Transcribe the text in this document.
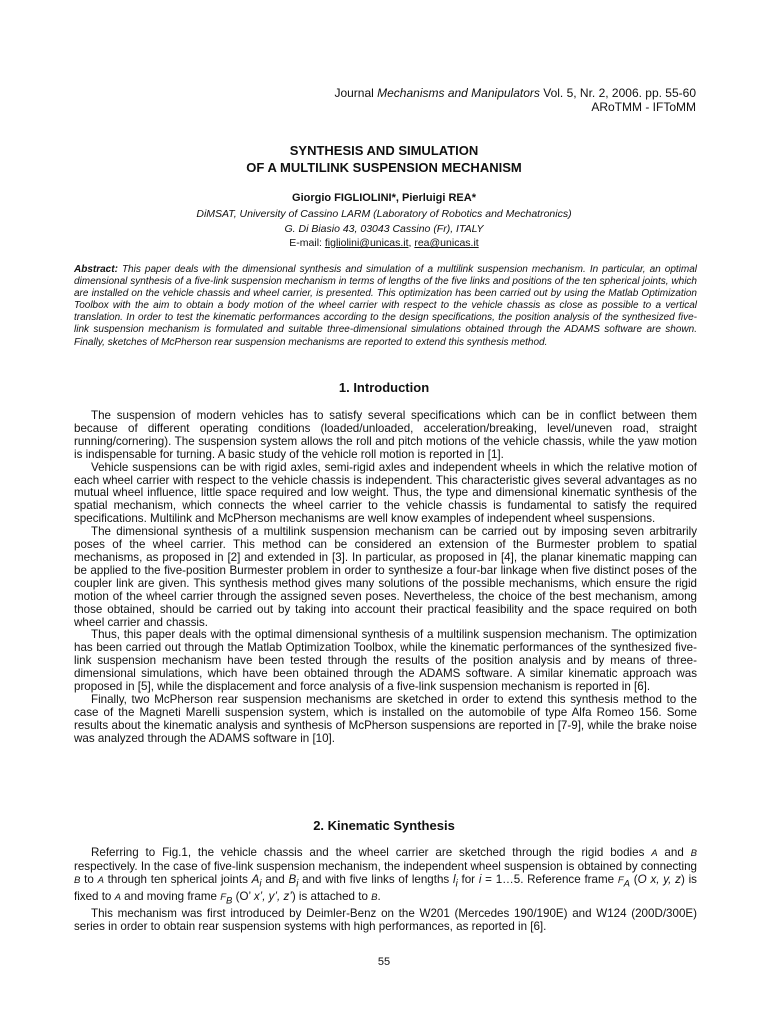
Journal Mechanisms and Manipulators Vol. 5, Nr. 2, 2006. pp. 55-60
ARoTMM - IFToMM
SYNTHESIS AND SIMULATION
OF A MULTILINK SUSPENSION MECHANISM
Giorgio FIGLIOLINI*, Pierluigi REA*
DiMSAT, University of Cassino LARM (Laboratory of Robotics and Mechatronics)
G. Di Biasio 43, 03043 Cassino (Fr), ITALY
E-mail: figliolini@unicas.it, rea@unicas.it
Abstract: This paper deals with the dimensional synthesis and simulation of a multilink suspension mechanism. In particular, an optimal dimensional synthesis of a five-link suspension mechanism in terms of lengths of the five links and positions of the ten spherical joints, which are installed on the vehicle chassis and wheel carrier, is presented. This optimization has been carried out by using the Matlab Optimization Toolbox with the aim to obtain a body motion of the wheel carrier with respect to the vehicle chassis as close as possible to a vertical translation. In order to test the kinematic performances according to the design specifications, the position analysis of the synthesized five-link suspension mechanism is formulated and suitable three-dimensional simulations obtained through the ADAMS software are shown. Finally, sketches of McPherson rear suspension mechanisms are reported to extend this synthesis method.
1. Introduction

The suspension of modern vehicles has to satisfy several specifications which can be in conflict between them because of different operating conditions (loaded/unloaded, acceleration/breaking, level/uneven road, straight running/cornering). The suspension system allows the roll and pitch motions of the vehicle chassis, while the yaw motion is indispensable for turning. A basic study of the vehicle roll motion is reported in [1].

Vehicle suspensions can be with rigid axles, semi-rigid axles and independent wheels in which the relative motion of each wheel carrier with respect to the vehicle chassis is independent. This characteristic gives several advantages as no mutual wheel influence, little space required and low weight. Thus, the type and dimensional kinematic synthesis of the spatial mechanism, which connects the wheel carrier to the vehicle chassis is fundamental to satisfy the required specifications. Multilink and McPherson mechanisms are well know examples of independent wheel suspensions.

The dimensional synthesis of a multilink suspension mechanism can be carried out by imposing seven arbitrarily poses of the wheel carrier. This method can be considered an extension of the Burmester problem to spatial mechanisms, as proposed in [2] and extended in [3]. In particular, as proposed in [4], the planar kinematic mapping can be applied to the five-position Burmester problem in order to synthesize a four-bar linkage when five distinct poses of the coupler link are given. This synthesis method gives many solutions of the possible mechanisms, which ensure the rigid motion of the wheel carrier through the assigned seven poses. Nevertheless, the choice of the best mechanism, among those obtained, should be carried out by taking into account their practical feasibility and the space required on both wheel carrier and chassis.

Thus, this paper deals with the optimal dimensional synthesis of a multilink suspension mechanism. The optimization has been carried out through the Matlab Optimization Toolbox, while the kinematic performances of the synthesized five-link suspension mechanism have been tested through the results of the position analysis and by means of three-dimensional simulations, which have been obtained through the ADAMS software. A similar kinematic approach was proposed in [5], while the displacement and force analysis of a five-link suspension mechanism is reported in [6].

Finally, two McPherson rear suspension mechanisms are sketched in order to extend this synthesis method to the case of the Magneti Marelli suspension system, which is installed on the automobile of type Alfa Romeo 156. Some results about the kinematic analysis and synthesis of McPherson suspensions are reported in [7-9], while the brake noise was analyzed through the ADAMS software in [10].

2. Kinematic Synthesis

Referring to Fig.1, the vehicle chassis and the wheel carrier are sketched through the rigid bodies A and B respectively. In the case of five-link suspension mechanism, the independent wheel suspension is obtained by connecting B to A through ten spherical joints $A_i$ and $B_i$ and with five links of lengths $l_i$ for i = 1…5. Reference frame $F_A$ (O x, y, z) is fixed to A and moving frame $F_B$ (O’ x’, y’, z’) is attached to B.

This mechanism was first introduced by Deimler-Benz on the W201 (Mercedes 190/190E) and W124 (200D/300E) series in order to obtain rear suspension systems with high performances, as reported in [6].

55
